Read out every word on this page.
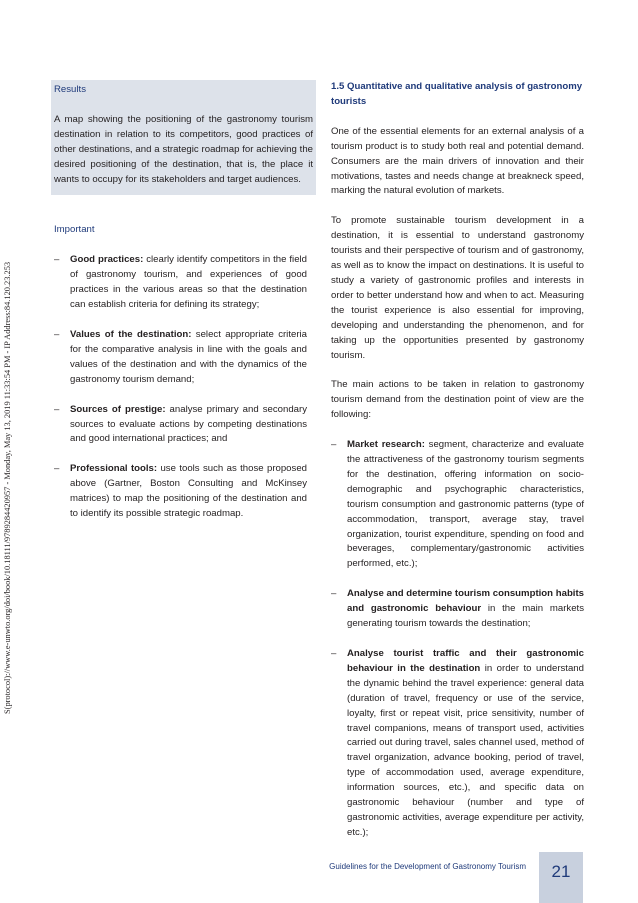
S(protocol)://www.e-unwto.org/doi/book/10.18111/9789284420957 - Monday, May 13, 2019 11:33:54 PM - IP Address:84.120.23.253
Results

A map showing the positioning of the gastronomy tourism destination in relation to its competitors, good practices of other destinations, and a strategic roadmap for achieving the desired positioning of the destination, that is, the place it wants to occupy for its stakeholders and target audiences.

Important
– Good practices: clearly identify competitors in the field of gastronomy tourism, and experiences of good practices in the various areas so that the destination can establish criteria for defining its strategy;
– Values of the destination: select appropriate criteria for the comparative analysis in line with the goals and values of the destination and with the dynamics of the gastronomy tourism demand;
– Sources of prestige: analyse primary and secondary sources to evaluate actions by competing destinations and good international practices; and
– Professional tools: use tools such as those proposed above (Gartner, Boston Consulting and McKinsey matrices) to map the positioning of the destination and to identify its possible strategic roadmap.
1.5 Quantitative and qualitative analysis of gastronomy tourists

One of the essential elements for an external analysis of a tourism product is to study both real and potential demand. Consumers are the main drivers of innovation and their motivations, tastes and needs change at breakneck speed, marking the natural evolution of markets.

To promote sustainable tourism development in a destination, it is essential to understand gastronomy tourists and their perspective of tourism and of gastronomy, as well as to know the impact on destinations. It is useful to study a variety of gastronomic profiles and interests in order to better understand how and when to act. Measuring the tourist experience is also essential for improving, developing and understanding the phenomenon, and for taking up the opportunities presented by gastronomy tourism.

The main actions to be taken in relation to gastronomy tourism demand from the destination point of view are the following:

– Market research: segment, characterize and evaluate the attractiveness of the gastronomy tourism segments for the destination, offering information on socio-demographic and psychographic characteristics, tourism consumption and gastronomic patterns (type of accommodation, transport, average stay, travel organization, tourist expenditure, spending on food and beverages, complementary/gastronomic activities performed, etc.);
– Analyse and determine tourism consumption habits and gastronomic behaviour in the main markets generating tourism towards the destination;
– Analyse tourist traffic and their gastronomic behaviour in the destination in order to understand the dynamic behind the travel experience: general data (duration of travel, frequency or use of the service, loyalty, first or repeat visit, price sensitivity, number of travel companions, means of transport used, activities carried out during travel, sales channel used, method of travel organization, advance booking, period of travel, type of accommodation used, average expenditure, information sources, etc.), and specific data on gastronomic behaviour (number and type of gastronomic activities, average expenditure per activity, etc.);
Guidelines for the Development of Gastronomy Tourism	21
